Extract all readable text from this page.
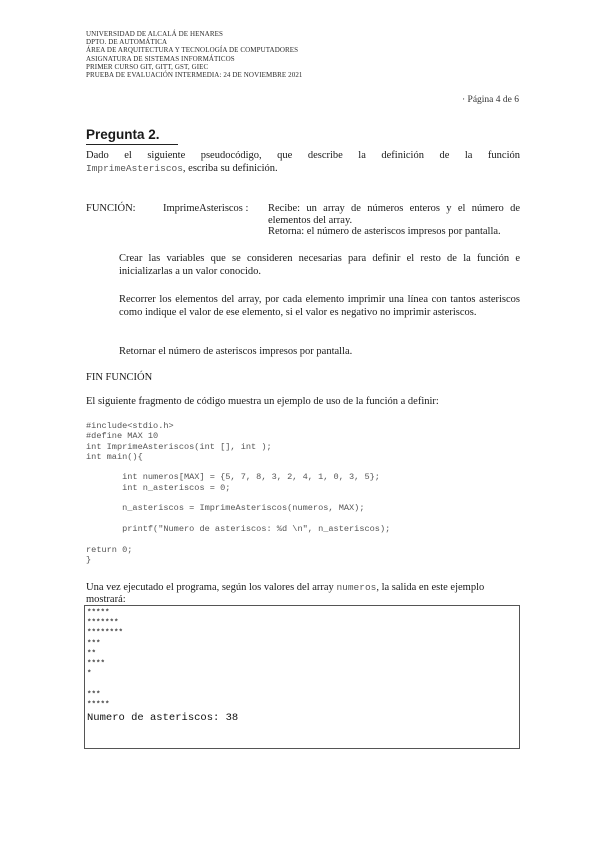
UNIVERSIDAD DE ALCALÁ DE HENARES
DPTO. DE AUTOMÁTICA
ÁREA DE ARQUITECTURA Y TECNOLOGÍA DE COMPUTADORES
ASIGNATURA DE SISTEMAS INFORMÁTICOS
PRIMER CURSO GIT, GITT, GST, GIEC
PRUEBA DE EVALUACIÓN INTERMEDIA: 24 DE NOVIEMBRE 2021
· Página 4 de 6
Pregunta 2.
Dado el siguiente pseudocódigo, que describe la definición de la función
ImprimeAsteriscos, escriba su definición.
FUNCIÓN:	ImprimeAsteriscos : Recibe: un array de números enteros y el número de elementos del array.
Retorna: el número de asteriscos impresos por pantalla.
Crear las variables que se consideren necesarias para definir el resto de la función e inicializarlas a un valor conocido.
Recorrer los elementos del array, por cada elemento imprimir una línea con tantos asteriscos como indique el valor de ese elemento, si el valor es negativo no imprimir asteriscos.
Retornar el número de asteriscos impresos por pantalla.
FIN FUNCIÓN
El siguiente fragmento de código muestra un ejemplo de uso de la función a definir:
#include<stdio.h>
#define MAX 10
int ImprimeAsteriscos(int [], int );
int main(){

int numeros[MAX] = {5, 7, 8, 3, 2, 4, 1, 0, 3, 5};
int n_asteriscos = 0;

n_asteriscos = ImprimeAsteriscos(numeros, MAX);

printf("Numero de asteriscos: %d \n", n_asteriscos);

return 0;
}
Una vez ejecutado el programa, según los valores del array numeros, la salida en este ejemplo mostrará:
*****
*******
********
***
**
****
*

***
*****
Numero de asteriscos: 38
